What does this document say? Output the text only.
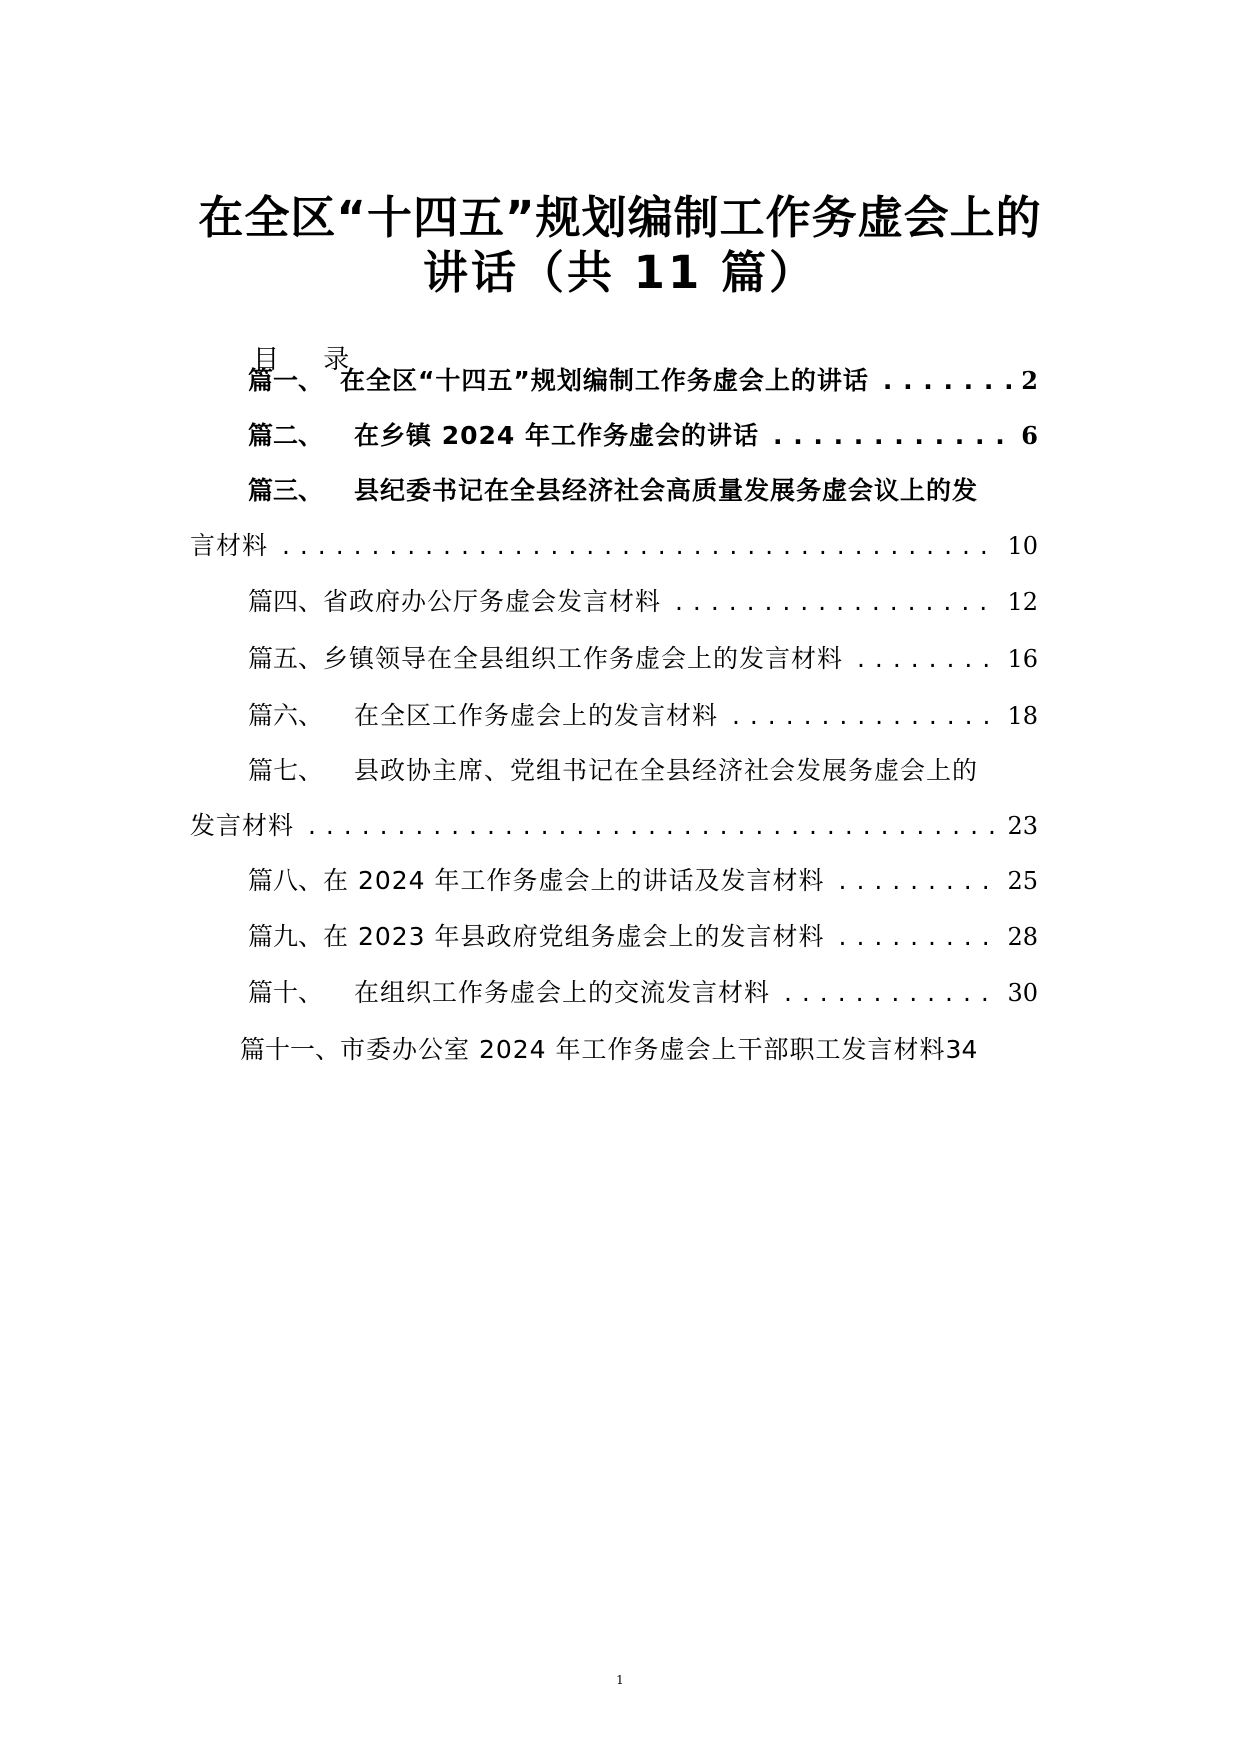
在全区“十四五”规划编制工作务虚会上的
讲话（共 11 篇）
目 录
篇一、 在全区“十四五”规划编制工作务虚会上的讲话 . . .	2
篇二、	在乡镇 2024 年工作务虚会的讲话 . . .	6
篇三、	县纪委书记在全县经济社会高质量发展务虚会议上的发
言材料 . . .	10
篇四、 省政府办公厅务虚会发言材料 . . .	12
篇五、 乡镇领导在全县组织工作务虚会上的发言材料 . . .	16
篇六、	在全区工作务虚会上的发言材料 . . .	18
篇七、	县政协主席、党组书记在全县经济社会发展务虚会上的
发言材料 . . .	23
篇八、 在 2024 年工作务虚会上的讲话及发言材料 . . .	25
篇九、 在 2023 年县政府党组务虚会上的发言材料 . . .	28
篇十、	在组织工作务虚会上的交流发言材料 . . .	30
篇十一、 市委办公室 2024 年工作务虚会上干部职工发言材料 34
1
